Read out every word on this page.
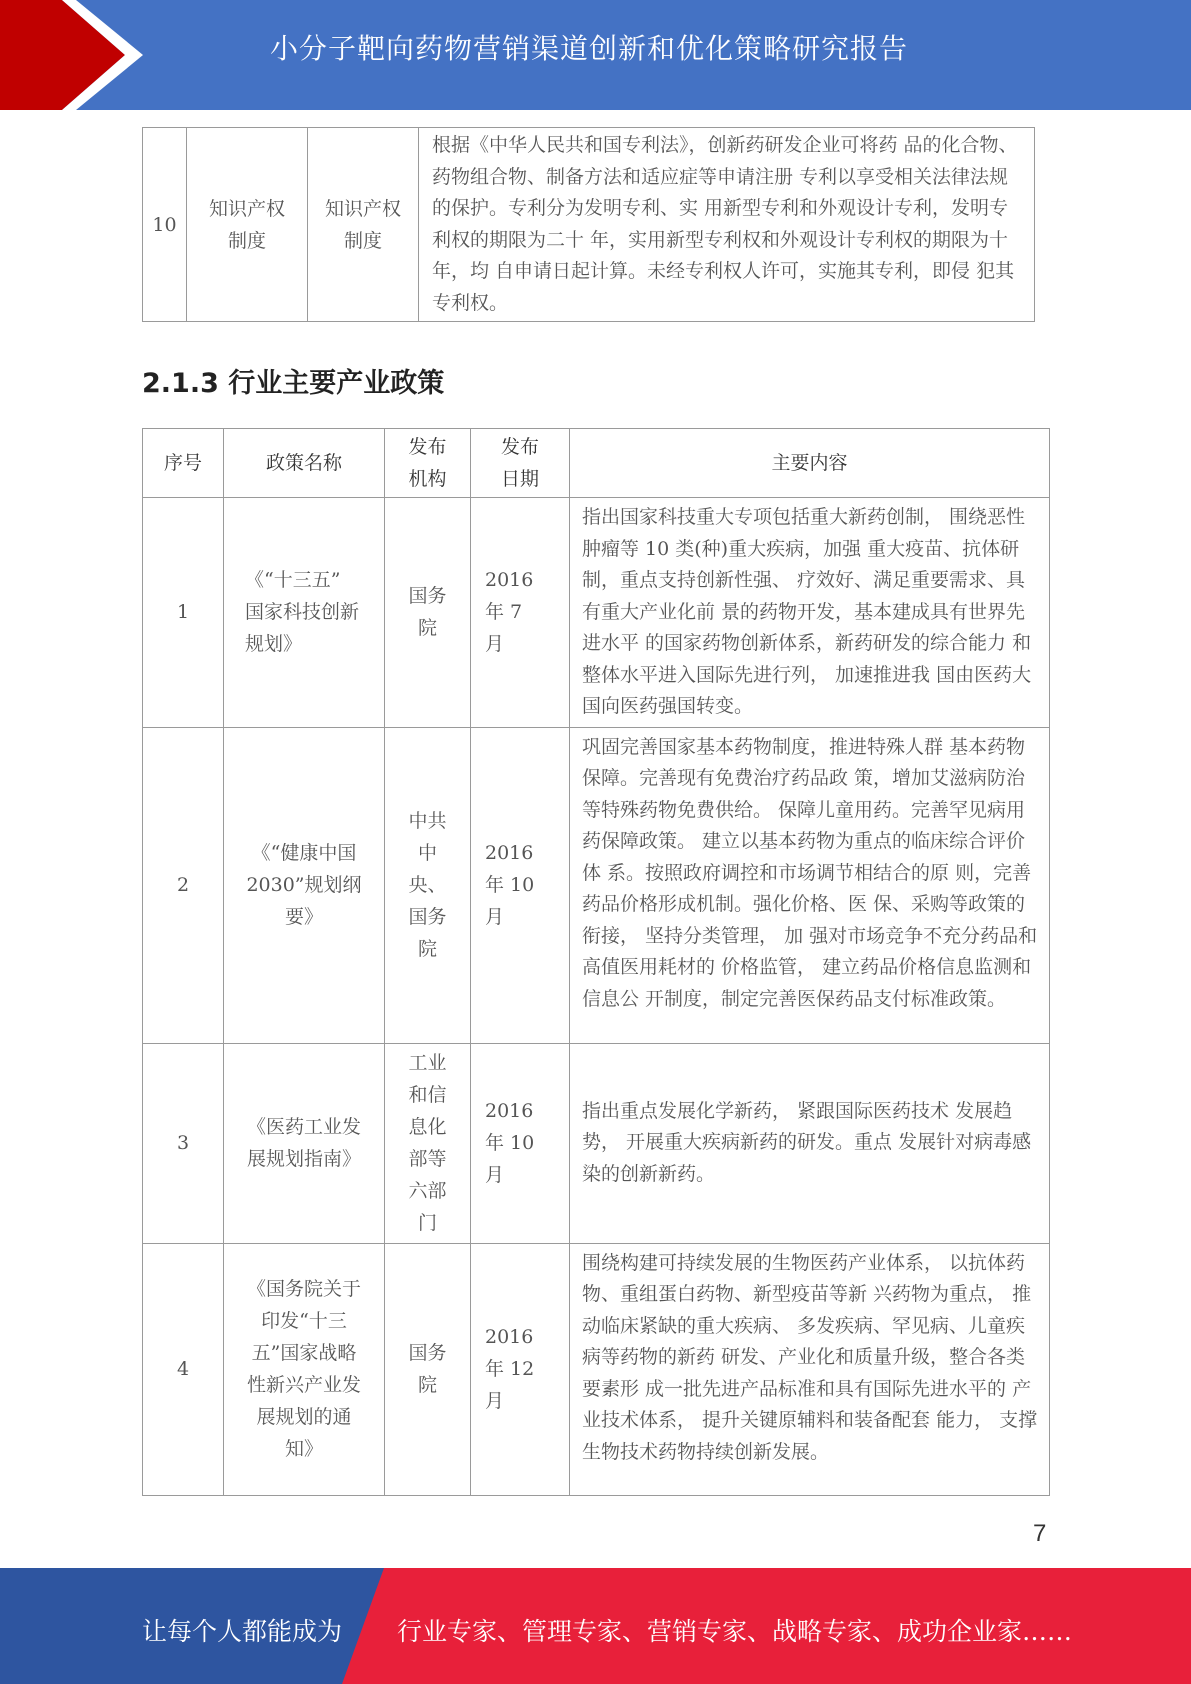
小分子靶向药物营销渠道创新和优化策略研究报告
10	知识产权制度	知识产权制度	根据《中华人民共和国专利法》，创新药研发企业可将药 品的化合物、药物组合物、制备方法和适应症等申请注册 专利以享受相关法律法规的保护。专利分为发明专利、实 用新型专利和外观设计专利，发明专利权的期限为二十 年，实用新型专利权和外观设计专利权的期限为十年，均 自申请日起计算。未经专利权人许可，实施其专利，即侵 犯其专利权。
2.1.3 行业主要产业政策
序号	政策名称	发布机构	发布日期	主要内容
1	《“十三五” 国家科技创新规划》	国务院	2016年 7月	指出国家科技重大专项包括重大新药创制， 围绕恶性肿瘤等 10 类(种)重大疾病，加强 重大疫苗、抗体研制，重点支持创新性强、 疗效好、满足重要需求、具有重大产业化前 景的药物开发，基本建成具有世界先进水平 的国家药物创新体系，新药研发的综合能力 和整体水平进入国际先进行列， 加速推进我 国由医药大国向医药强国转变。
2	《“健康中国 2030”规划纲要》	中共中央、国务院	2016年 10月	巩固完善国家基本药物制度，推进特殊人群 基本药物保障。完善现有免费治疗药品政 策，增加艾滋病防治等特殊药物免费供给。 保障儿童用药。完善罕见病用药保障政策。 建立以基本药物为重点的临床综合评价体 系。按照政府调控和市场调节相结合的原 则，完善药品价格形成机制。强化价格、医 保、采购等政策的衔接， 坚持分类管理， 加 强对市场竞争不充分药品和高值医用耗材的 价格监管， 建立药品价格信息监测和信息公 开制度，制定完善医保药品支付标准政策。
3	《医药工业发展规划指南》	工业和信息化部等六部门	2016年 10月	指出重点发展化学新药， 紧跟国际医药技术 发展趋势， 开展重大疾病新药的研发。重点 发展针对病毒感染的创新新药。
4	《国务院关于印发“十三五”国家战略性新兴产业发展规划的通知》	国务院	2016年 12月	围绕构建可持续发展的生物医药产业体系， 以抗体药物、重组蛋白药物、新型疫苗等新 兴药物为重点， 推动临床紧缺的重大疾病、 多发疾病、罕见病、儿童疾病等药物的新药 研发、产业化和质量升级，整合各类要素形 成一批先进产品标准和具有国际先进水平的 产业技术体系， 提升关键原辅料和装备配套 能力， 支撑生物技术药物持续创新发展。
7
让每个人都能成为 行业专家、管理专家、营销专家、战略专家、成功企业家……
